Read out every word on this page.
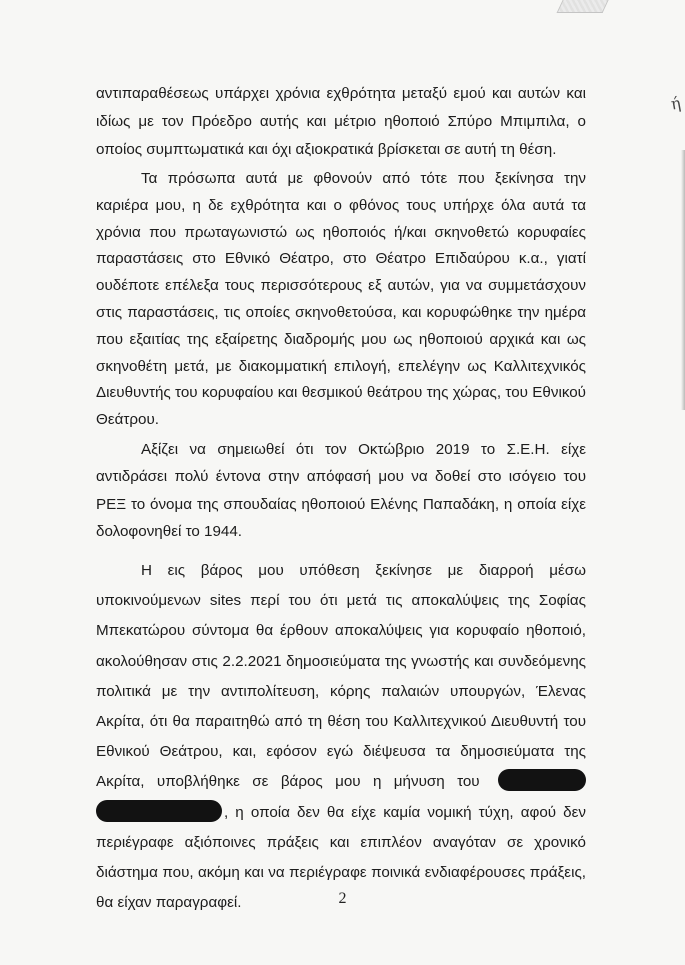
ή

αντιπαραθέσεως υπάρχει χρόνια εχθρότητα μεταξύ εμού και αυτών και ιδίως με τον Πρόεδρο αυτής και μέτριο ηθοποιό Σπύρο Μπιμπιλα, ο οποίος συμπτωματικά και όχι αξιοκρατικά βρίσκεται σε αυτή τη θέση.

Τα πρόσωπα αυτά με φθονούν από τότε που ξεκίνησα την καριέρα μου, η δε εχθρότητα και ο φθόνος τους υπήρχε όλα αυτά τα χρόνια που πρωταγωνιστώ ως ηθοποιός ή/και σκηνοθετώ κορυφαίες παραστάσεις στο Εθνικό Θέατρο, στο Θέατρο Επιδαύρου κ.α., γιατί ουδέποτε επέλεξα τους περισσότερους εξ αυτών, για να συμμετάσχουν στις παραστάσεις, τις οποίες σκηνοθετούσα, και κορυφώθηκε την ημέρα που εξαιτίας της εξαίρετης διαδρομής μου ως ηθοποιού αρχικά και ως σκηνοθέτη μετά, με διακομματική επιλογή, επελέγην ως Καλλιτεχνικός Διευθυντής του κορυφαίου και θεσμικού θεάτρου της χώρας, του Εθνικού Θεάτρου.

Αξίζει να σημειωθεί ότι τον Οκτώβριο 2019 το Σ.Ε.Η. είχε αντιδράσει πολύ έντονα στην απόφασή μου να δοθεί στο ισόγειο του ΡΕΞ το όνομα της σπουδαίας ηθοποιού Ελένης Παπαδάκη, η οποία είχε δολοφονηθεί το 1944.

Η εις βάρος μου υπόθεση ξεκίνησε με διαρροή μέσω υποκινούμενων sites περί του ότι μετά τις αποκαλύψεις της Σοφίας Μπεκατώρου σύντομα θα έρθουν αποκαλύψεις για κορυφαίο ηθοποιό, ακολούθησαν στις 2.2.2021 δημοσιεύματα της γνωστής και συνδεόμενης πολιτικά με την αντιπολίτευση, κόρης παλαιών υπουργών, Έλενας Ακρίτα, ότι θα παραιτηθώ από τη θέση του Καλλιτεχνικού Διευθυντή του Εθνικού Θεάτρου, και, εφόσον εγώ διέψευσα τα δημοσιεύματα της Ακρίτα, υποβλήθηκε σε βάρος μου η μήνυση του  , η οποία δεν θα είχε καμία νομική τύχη, αφού δεν περιέγραφε αξιόποινες πράξεις και επιπλέον αναγόταν σε χρονικό διάστημα που, ακόμη και να περιέγραφε ποινικά ενδιαφέρουσες πράξεις, θα είχαν παραγραφεί.	2
